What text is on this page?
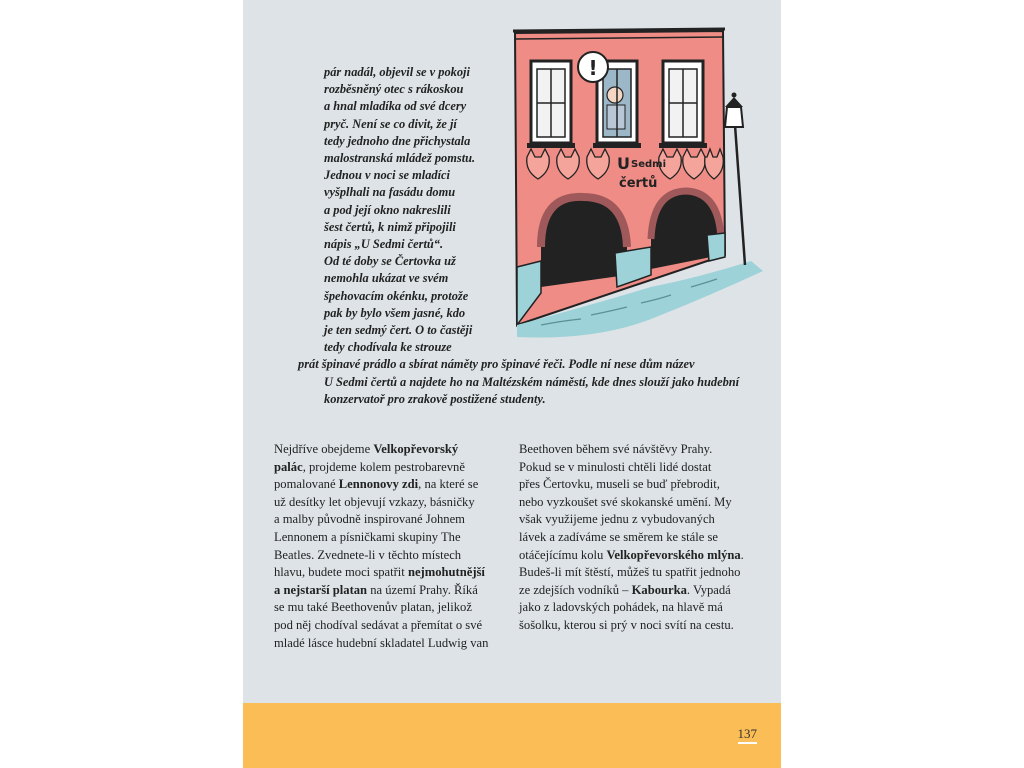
!
U Sedmi
čertů
pár nadál, objevil se v pokoji
rozběsněný otec s rákoskou
a hnal mladíka od své dcery
pryč. Není se co divit, že jí
tedy jednoho dne přichystala
malostranská mládež pomstu.
Jednou v noci se mladíci
vyšplhali na fasádu domu
a pod její okno nakreslili
šest čertů, k nimž připojili
nápis „U Sedmi čertů“.
Od té doby se Čertovka už
nemohla ukázat ve svém
špehovacím okénku, protože
pak by bylo všem jasné, kdo
je ten sedmý čert. O to častěji
tedy chodívala ke strouze
prát špinavé prádlo a sbírat náměty pro špinavé řeči. Podle ní nese dům název
U Sedmi čertů a najdete ho na Maltézském náměstí, kde dnes slouží jako hudební
konzervatoř pro zrakově postižené studenty.
Nejdříve obejdeme Velkopřevorský
palác, projdeme kolem pestrobarevně
pomalované Lennonovy zdi, na které se
už desítky let objevují vzkazy, básničky
a malby původně inspirované Johnem
Lennonem a písničkami skupiny The
Beatles. Zvednete-li v těchto místech
hlavu, budete moci spatřit nejmohutnější
a nejstarší platan na území Prahy. Říká
se mu také Beethovenův platan, jelikož
pod něj chodíval sedávat a přemítat o své
mladé lásce hudební skladatel Ludwig van
Beethoven během své návštěvy Prahy.
Pokud se v minulosti chtěli lidé dostat
přes Čertovku, museli se buď přebrodit,
nebo vyzkoušet své skokanské umění. My
však využijeme jednu z vybudovaných
lávek a zadíváme se směrem ke stále se
otáčejícímu kolu Velkopřevorského mlýna.
Budeš-li mít štěstí, můžeš tu spatřit jednoho
ze zdejších vodníků – Kabourka. Vypadá
jako z ladovských pohádek, na hlavě má
šošolku, kterou si prý v noci svítí na cestu.
137
